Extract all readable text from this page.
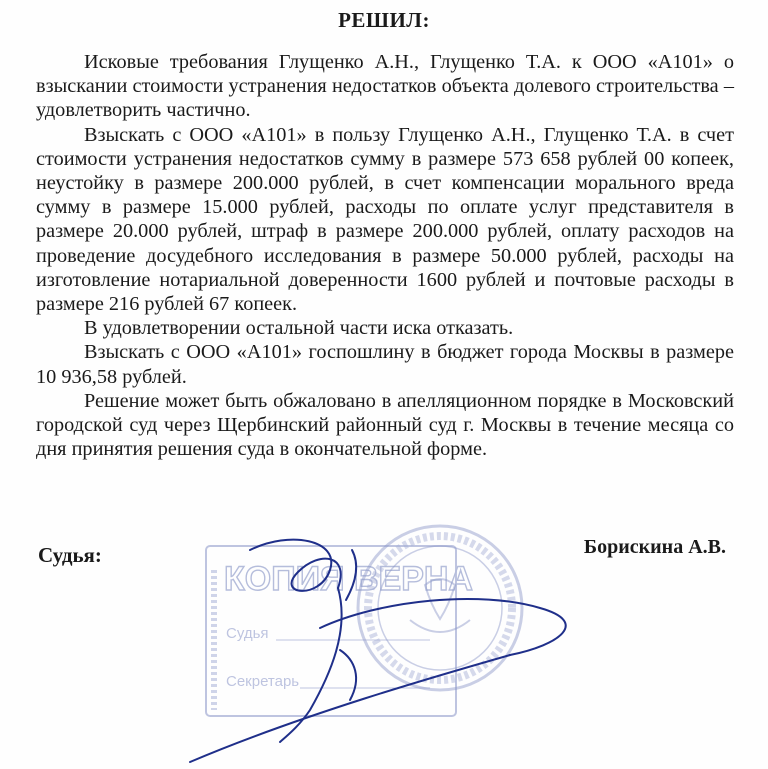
РЕШИЛ:

Исковые требования Глущенко А.Н., Глущенко Т.А. к ООО «А101» о взыскании стоимости устранения недостатков объекта долевого строительства – удовлетворить частично.

Взыскать с ООО «А101» в пользу Глущенко А.Н., Глущенко Т.А. в счет стоимости устранения недостатков сумму в размере 573 658 рублей 00 копеек, неустойку в размере 200.000 рублей, в счет компенсации морального вреда сумму в размере 15.000 рублей, расходы по оплате услуг представителя в размере 20.000 рублей, штраф в размере 200.000 рублей, оплату расходов на проведение досудебного исследования в размере 50.000 рублей, расходы на изготовление нотариальной доверенности 1600 рублей и почтовые расходы в размере 216 рублей 67 копеек.

В удовлетворении остальной части иска отказать.

Взыскать с ООО «А101» госпошлину в бюджет города Москвы в размере 10 936,58 рублей.

Решение может быть обжаловано в апелляционном порядке в Московский городской суд через Щербинский районный суд г. Москвы в течение месяца со дня принятия решения суда в окончательной форме.

КОПИЯ ВЕРНА
Судья
Секретарь
Судья:	Борискина А.В.
